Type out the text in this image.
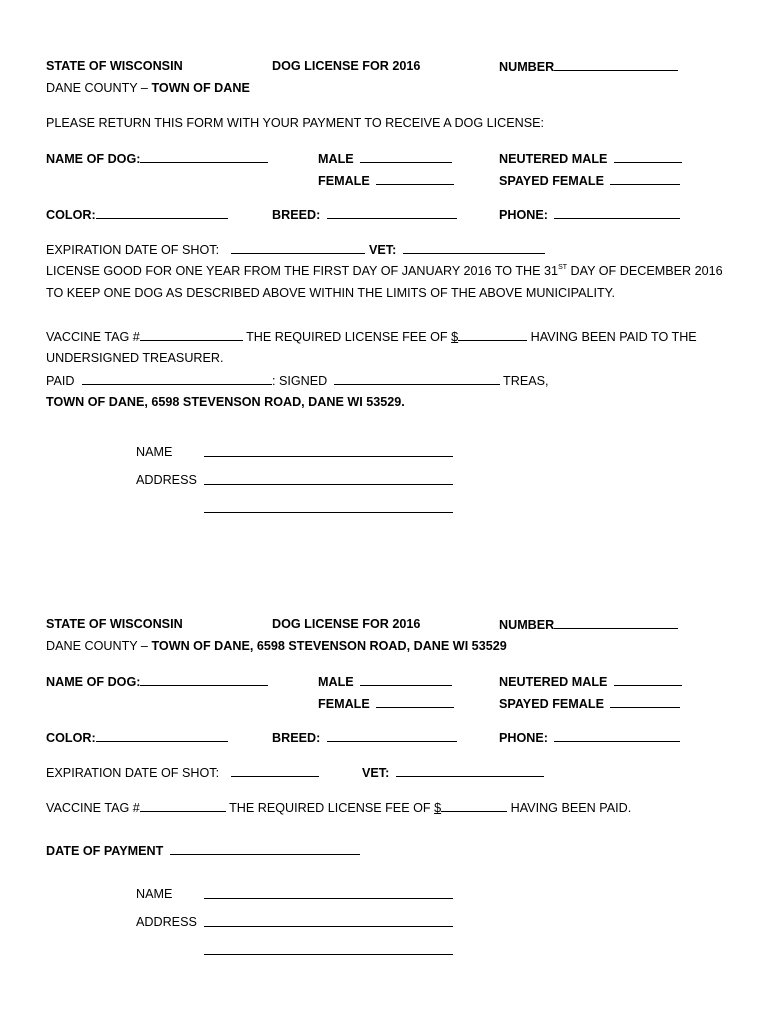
STATE OF WISCONSIN	DOG LICENSE FOR 2016	NUMBER
DANE COUNTY – TOWN OF DANE
PLEASE RETURN THIS FORM WITH YOUR PAYMENT TO RECEIVE A DOG LICENSE:
NAME OF DOG:	MALE	NEUTERED MALE
FEMALE	SPAYED FEMALE
COLOR:	BREED:	PHONE:
EXPIRATION DATE OF SHOT:	VET:
LICENSE GOOD FOR ONE YEAR FROM THE FIRST DAY OF JANUARY 2016 TO THE 31ST DAY OF DECEMBER 2016
TO KEEP ONE DOG AS DESCRIBED ABOVE WITHIN THE LIMITS OF THE ABOVE MUNICIPALITY.
VACCINE TAG #	THE REQUIRED LICENSE FEE OF $	HAVING BEEN PAID TO THE
UNDERSIGNED TREASURER.
PAID	: SIGNED	TREAS,
TOWN OF DANE, 6598 STEVENSON ROAD, DANE WI 53529.
NAME
ADDRESS
STATE OF WISCONSIN	DOG LICENSE FOR 2016	NUMBER
DANE COUNTY – TOWN OF DANE, 6598 STEVENSON ROAD, DANE WI 53529
NAME OF DOG:	MALE	NEUTERED MALE
FEMALE	SPAYED FEMALE
COLOR:	BREED:	PHONE:
EXPIRATION DATE OF SHOT:	VET:
VACCINE TAG #	THE REQUIRED LICENSE FEE OF $	HAVING BEEN PAID.
DATE OF PAYMENT
NAME
ADDRESS
